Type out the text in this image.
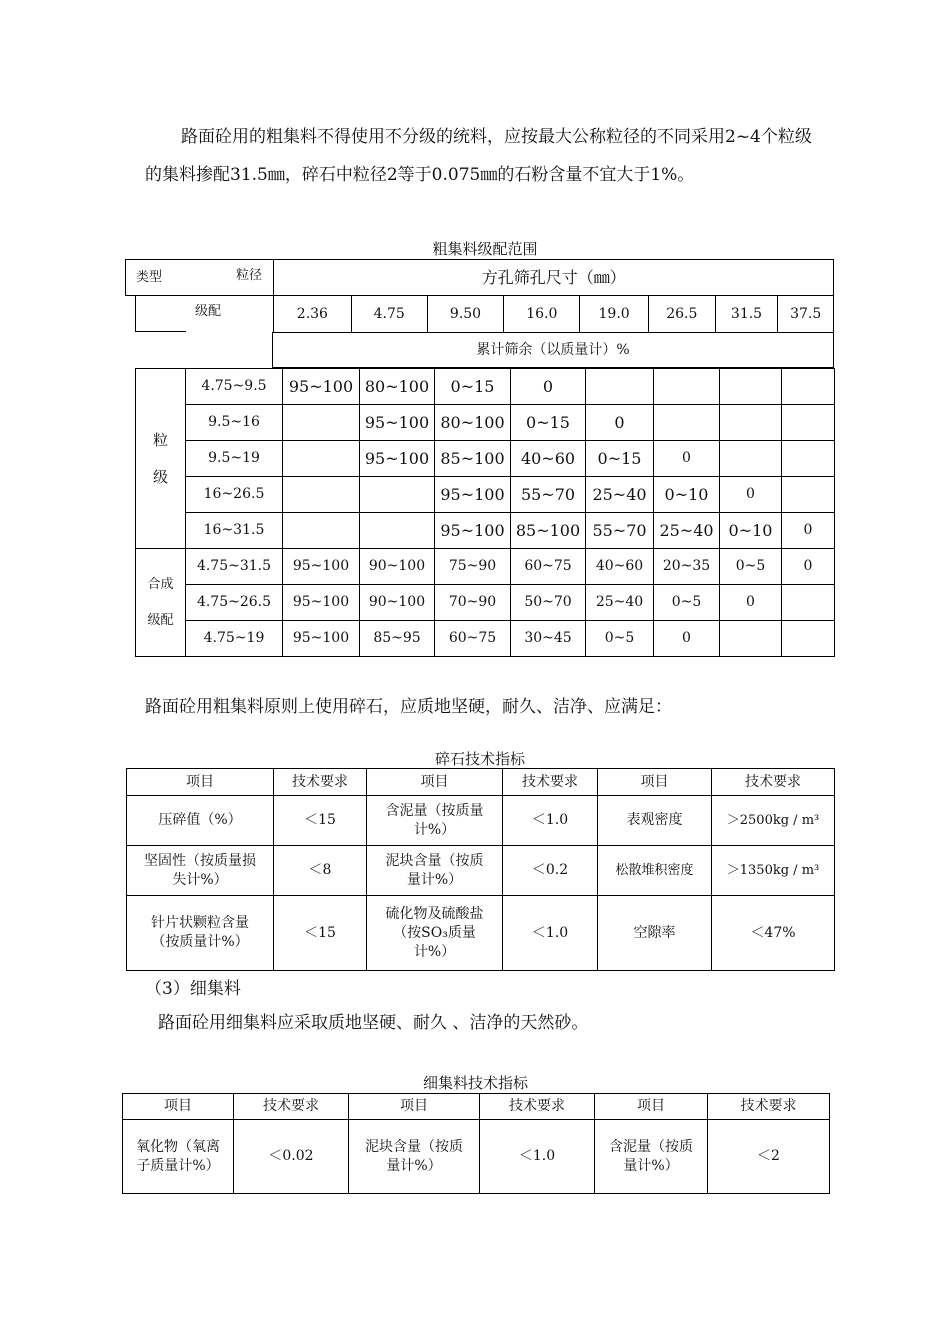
路面砼用的粗集料不得使用不分级的统料，应按最大公称粒径的不同采用2~4个粒级的集料掺配31.5㎜，碎石中粒径2等于0.075㎜的石粉含量不宜大于1%。

粗集料级配范围
类型	粒径	方孔筛孔尺寸（㎜）
级配	2.36	4.75	9.50	16.0	19.0	26.5	31.5	37.5
累计筛余（以质量计）%
粒
级	4.75~9.5	95~100	80~100	0~15	0				
	9.5~16		95~100	80~100	0~15	0			
	9.5~19		95~100	85~100	40~60	0~15	0		
	16~26.5			95~100	55~70	25~40	0~10	0	
	16~31.5			95~100	85~100	55~70	25~40	0~10	0
合成
级配	4.75~31.5	95~100	90~100	75~90	60~75	40~60	20~35	0~5	0
	4.75~26.5	95~100	90~100	70~90	50~70	25~40	0~5	0	
	4.75~19	95~100	85~95	60~75	30~45	0~5	0		

路面砼用粗集料原则上使用碎石，应质地坚硬，耐久、洁净、应满足：

碎石技术指标
项目	技术要求	项目	技术要求	项目	技术要求
压碎值（%）	＜15	含泥量（按质量计%）	＜1.0	表观密度	＞2500kg / m³
坚固性（按质量损失计%）	＜8	泥块含量（按质量计%）	＜0.2	松散堆积密度	＞1350kg / m³
针片状颗粒含量（按质量计%）	＜15	硫化物及硫酸盐（按SO₃质量计%）	＜1.0	空隙率	＜47%

（3）细集料

路面砼用细集料应采取质地坚硬、耐久 、洁净的天然砂。

细集料技术指标
项目	技术要求	项目	技术要求	项目	技术要求
氧化物（氧离子质量计%）	＜0.02	泥块含量（按质量计%）	＜1.0	含泥量（按质量计%）	＜2
